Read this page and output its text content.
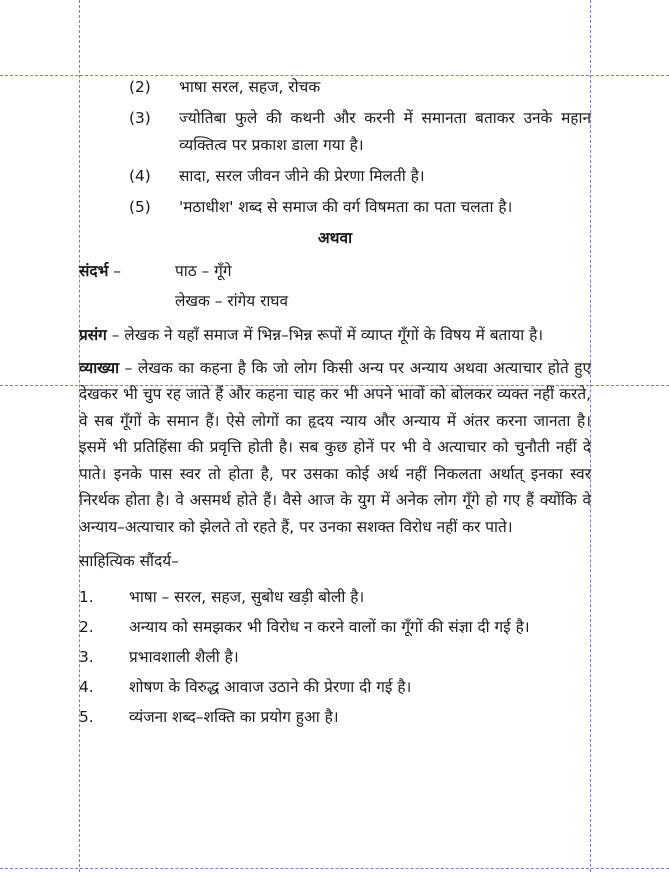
(2)	भाषा सरल, सहज, रोचक
(3)	ज्योतिबा फुले की कथनी और करनी में समानता बताकर उनके महान व्यक्तित्व पर प्रकाश डाला गया है।
(4)	सादा, सरल जीवन जीने की प्रेरणा मिलती है।
(5)	'मठाधीश' शब्द से समाज की वर्ग विषमता का पता चलता है।
अथवा
संदर्भ –	पाठ – गूँगे
लेखक – रांगेय राघव

प्रसंग – लेखक ने यहाँ समाज में भिन्न–भिन्न रूपों में व्याप्त गूँगों के विषय में बताया है।

व्याख्या – लेखक का कहना है कि जो लोग किसी अन्य पर अन्याय अथवा अत्याचार होते हुए देखकर भी चुप रह जाते हैं और कहना चाह कर भी अपने भावों को बोलकर व्यक्त नहीं करते, वे सब गूँगों के समान हैं। ऐसे लोगों का हृदय न्याय और अन्याय में अंतर करना जानता है। इसमें भी प्रतिहिंसा की प्रवृत्ति होती है। सब कुछ होनें पर भी वे अत्याचार को चुनौती नहीं दे पाते। इनके पास स्वर तो होता है, पर उसका कोई अर्थ नहीं निकलता अर्थात् इनका स्वर निरर्थक होता है। वे असमर्थ होते हैं। वैसे आज के युग में अनेक लोग गूँगे हो गए हैं क्योंकि वे अन्याय–अत्याचार को झेलते तो रहते हैं, पर उनका सशक्त विरोध नहीं कर पाते।

साहित्यिक सौंदर्य–
1.	भाषा – सरल, सहज, सुबोध खड़ी बोली है।
2.	अन्याय को समझकर भी विरोध न करने वालों का गूँगों की संज्ञा दी गई है।
3.	प्रभावशाली शैली है।
4.	शोषण के विरुद्ध आवाज उठाने की प्रेरणा दी गई है।
5.	व्यंजना शब्द–शक्ति का प्रयोग हुआ है।
